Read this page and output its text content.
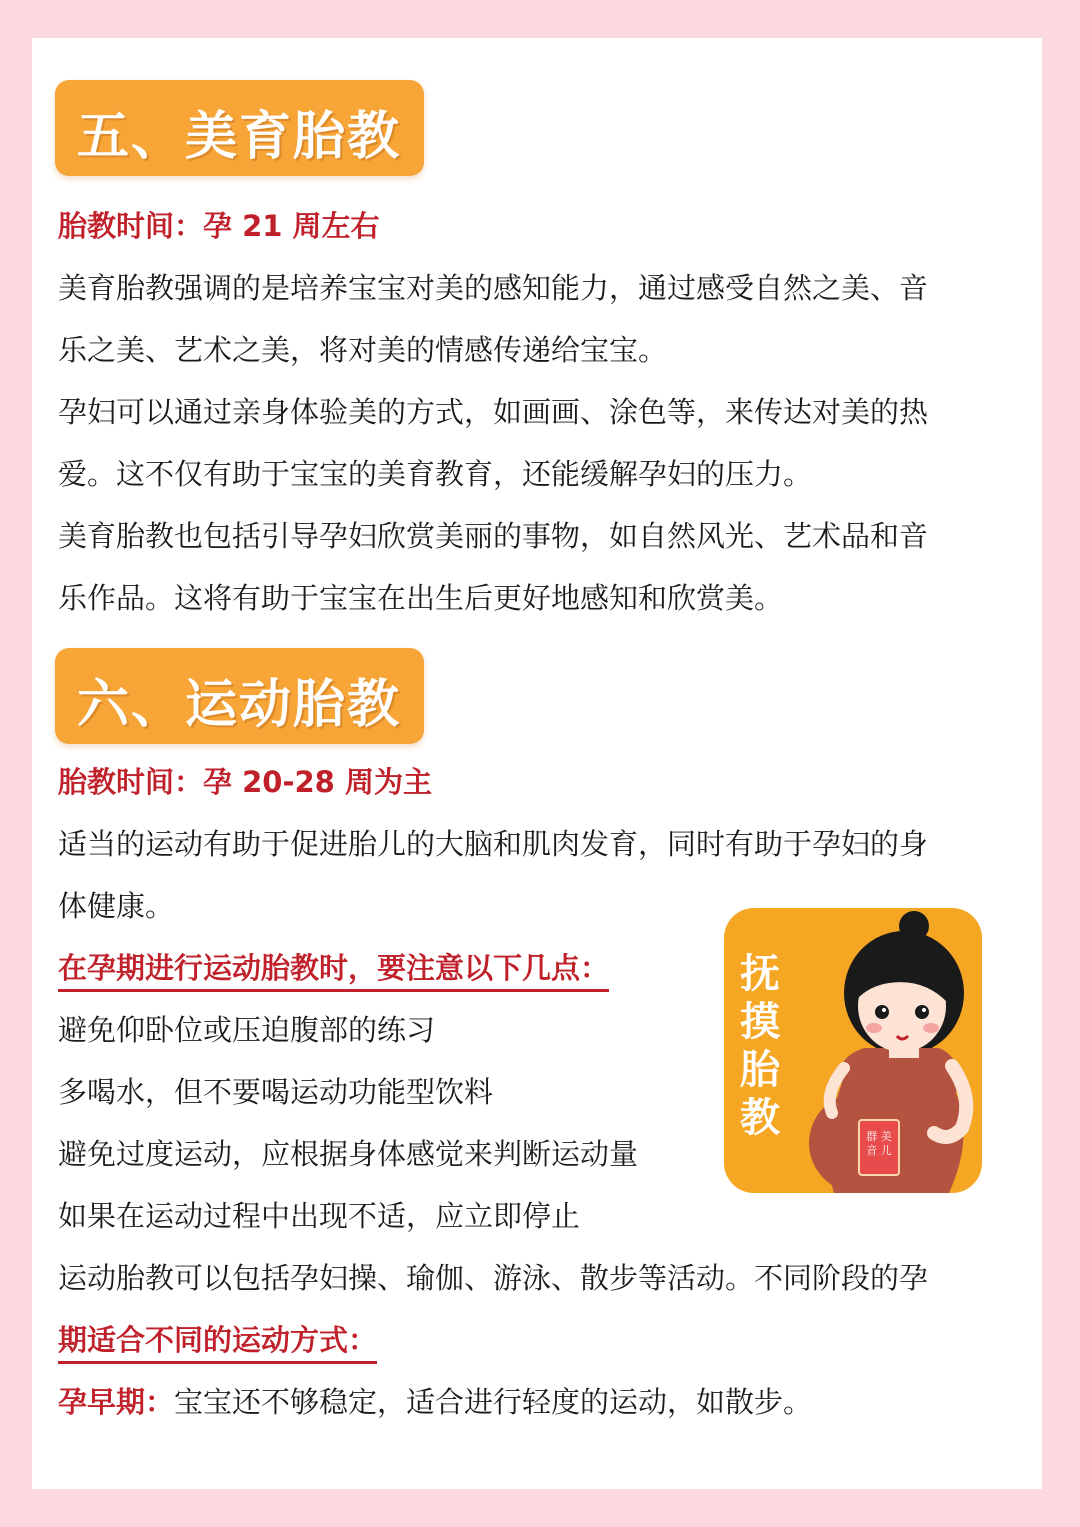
五、美育胎教
胎教时间：孕 21 周左右
美育胎教强调的是培养宝宝对美的感知能力，通过感受自然之美、音
乐之美、艺术之美，将对美的情感传递给宝宝。
孕妇可以通过亲身体验美的方式，如画画、涂色等，来传达对美的热
爱。这不仅有助于宝宝的美育教育，还能缓解孕妇的压力。
美育胎教也包括引导孕妇欣赏美丽的事物，如自然风光、艺术品和音
乐作品。这将有助于宝宝在出生后更好地感知和欣赏美。
六、运动胎教
胎教时间：孕 20-28 周为主
适当的运动有助于促进胎儿的大脑和肌肉发育，同时有助于孕妇的身
体健康。
在孕期进行运动胎教时，要注意以下几点：
避免仰卧位或压迫腹部的练习
多喝水，但不要喝运动功能型饮料
避免过度运动，应根据身体感觉来判断运动量
如果在运动过程中出现不适，应立即停止
运动胎教可以包括孕妇操、瑜伽、游泳、散步等活动。不同阶段的孕
期适合不同的运动方式：
孕早期：宝宝还不够稳定，适合进行轻度的运动，如散步。
抚
摸
胎
教	群 美 音 儿
